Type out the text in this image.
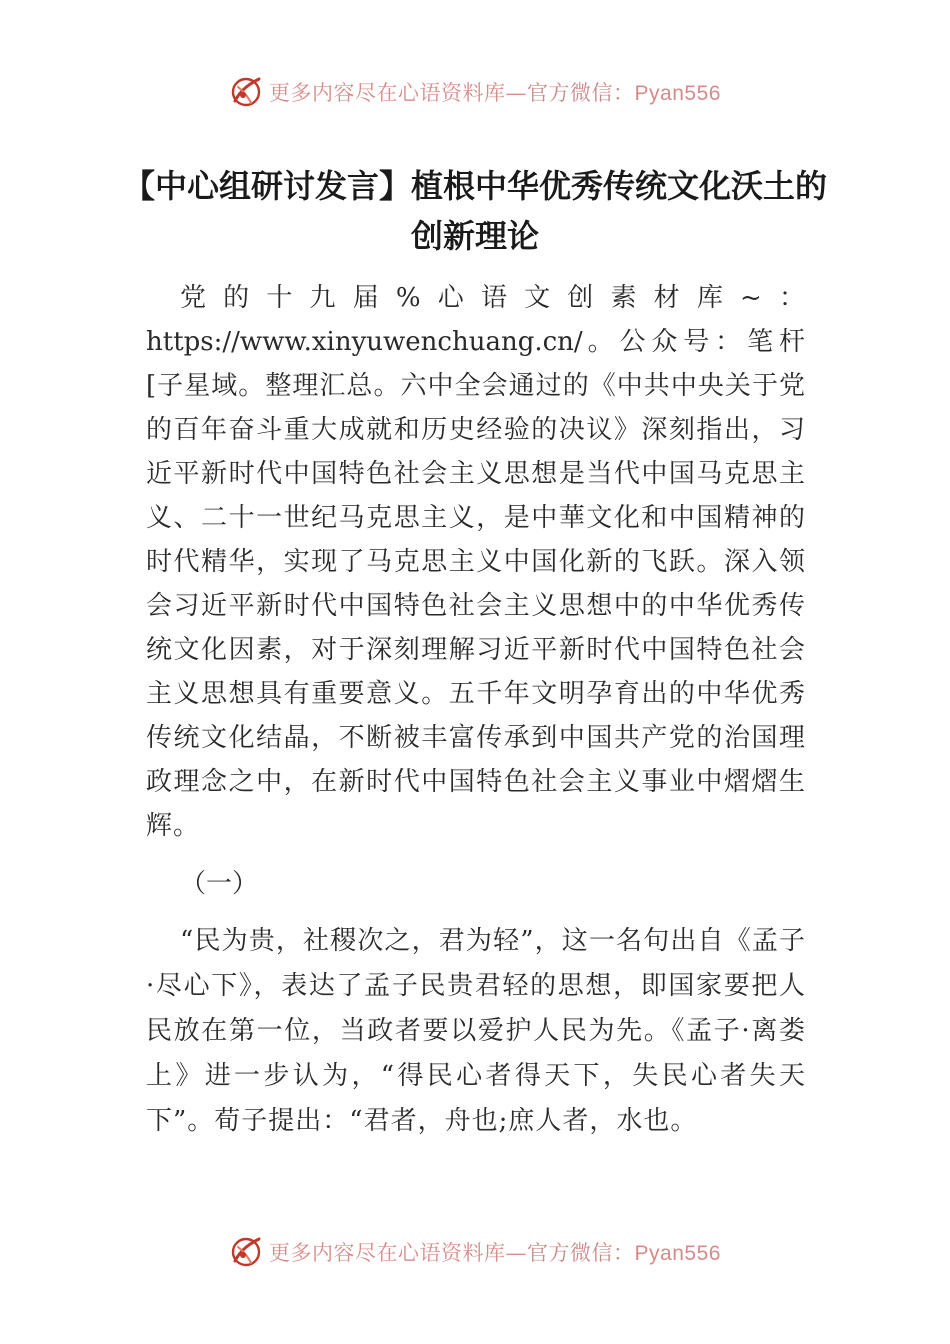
更多内容尽在心语资料库—官方微信：Pyan556
【中心组研讨发言】植根中华优秀传统文化沃土的创新理论

党的十九届%心语文创素材库~：https://www.xinyuwenchuang.cn/。公众号：笔杆[子星域。整理汇总。六中全会通过的《中共中央关于党的百年奋斗重大成就和历史经验的决议》深刻指出，习近平新时代中国特色社会主义思想是当代中国马克思主义、二十一世纪马克思主义，是中華文化和中国精神的时代精华，实现了马克思主义中国化新的飞跃。深入领会习近平新时代中国特色社会主义思想中的中华优秀传统文化因素，对于深刻理解习近平新时代中国特色社会主义思想具有重要意义。五千年文明孕育出的中华优秀传统文化结晶，不断被丰富传承到中国共产党的治国理政理念之中，在新时代中国特色社会主义事业中熠熠生辉。

（一）

“民为贵，社稷次之，君为轻”，这一名句出自《孟子·尽心下》，表达了孟子民贵君轻的思想，即国家要把人民放在第一位，当政者要以爱护人民为先。《孟子·离娄上》进一步认为，“得民心者得天下，失民心者失天下”。荀子提出：“君者，舟也;庶人者，水也。

更多内容尽在心语资料库—官方微信：Pyan556
